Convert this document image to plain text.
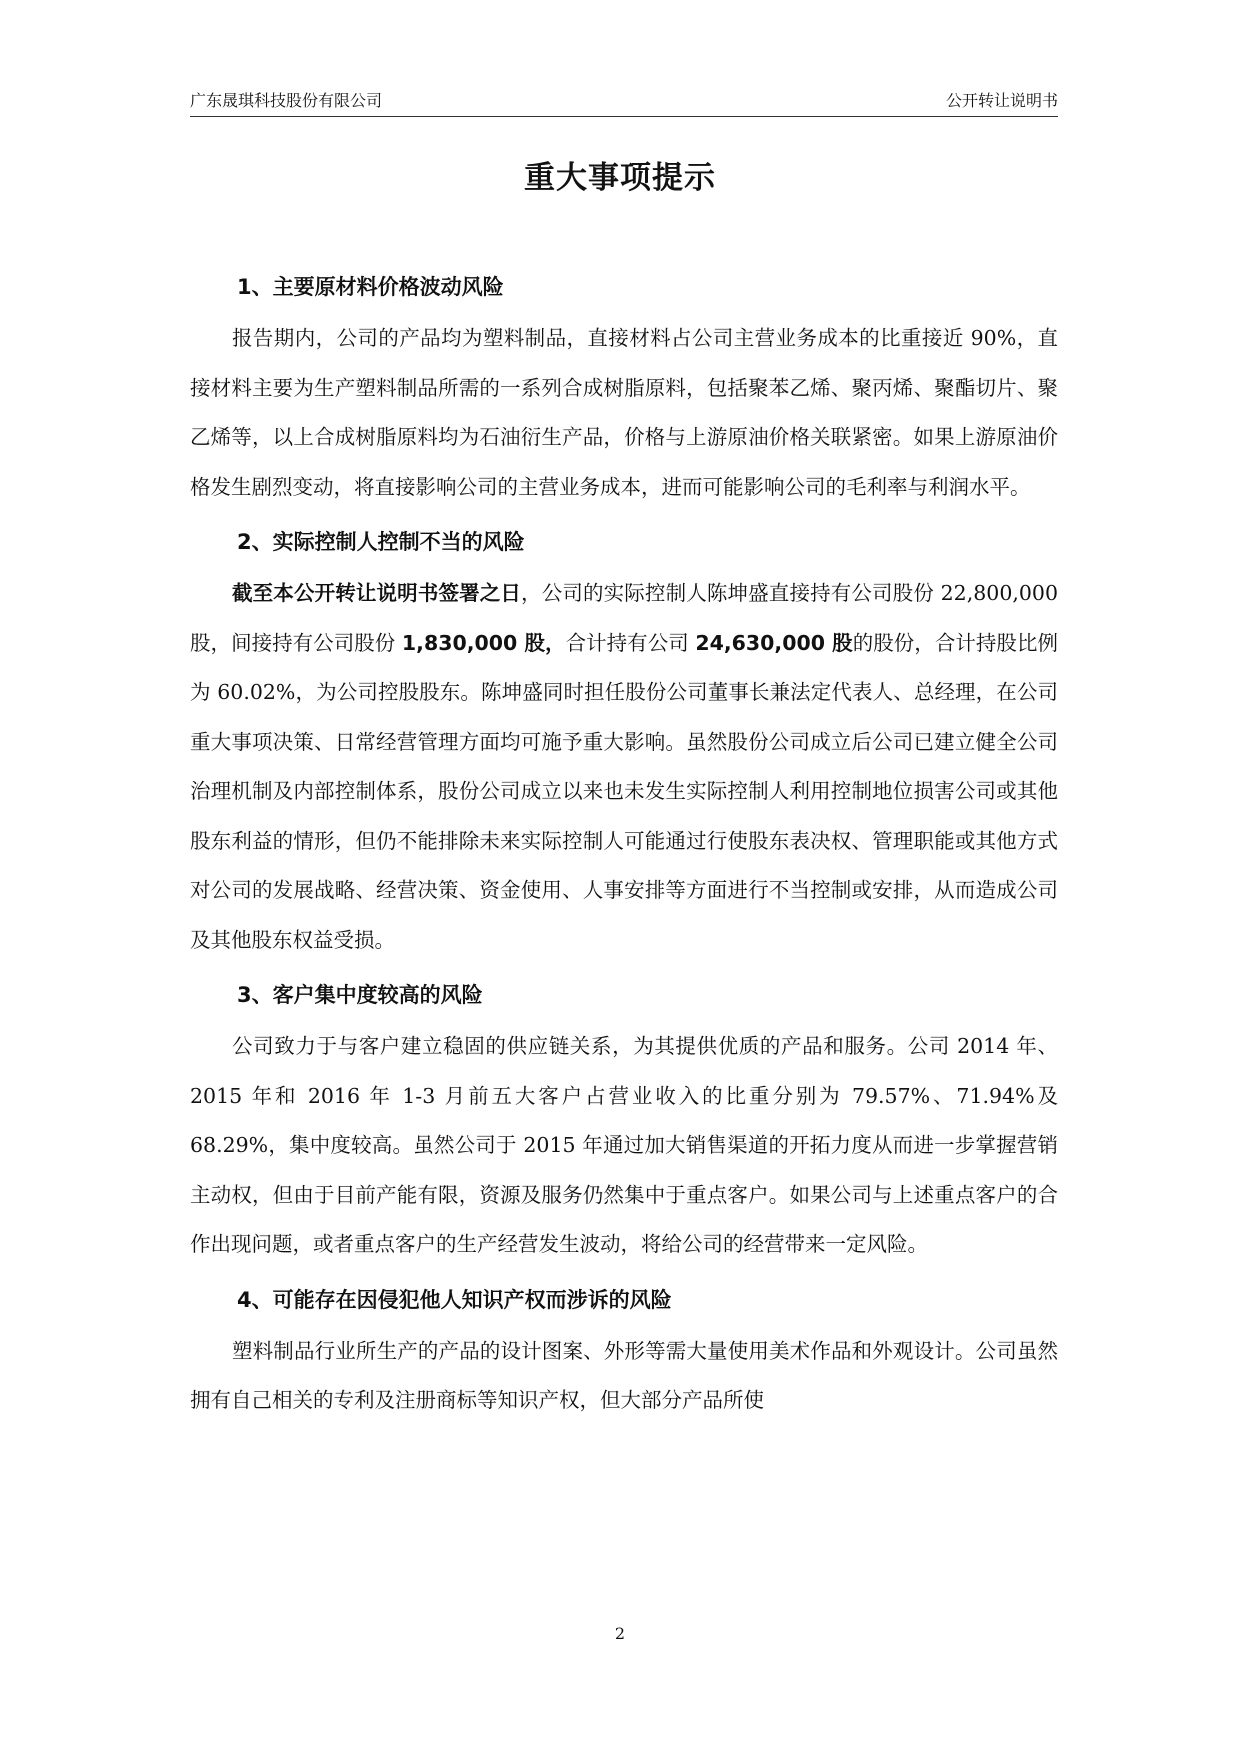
广东晟琪科技股份有限公司	公开转让说明书
重大事项提示
1、主要原材料价格波动风险

报告期内，公司的产品均为塑料制品，直接材料占公司主营业务成本的比重接近 90%，直接材料主要为生产塑料制品所需的一系列合成树脂原料，包括聚苯乙烯、聚丙烯、聚酯切片、聚乙烯等，以上合成树脂原料均为石油衍生产品，价格与上游原油价格关联紧密。如果上游原油价格发生剧烈变动，将直接影响公司的主营业务成本，进而可能影响公司的毛利率与利润水平。

2、实际控制人控制不当的风险

截至本公开转让说明书签署之日，公司的实际控制人陈坤盛直接持有公司股份 22,800,000 股，间接持有公司股份 1,830,000 股，合计持有公司 24,630,000 股的股份，合计持股比例为 60.02%，为公司控股股东。陈坤盛同时担任股份公司董事长兼法定代表人、总经理，在公司重大事项决策、日常经营管理方面均可施予重大影响。虽然股份公司成立后公司已建立健全公司治理机制及内部控制体系，股份公司成立以来也未发生实际控制人利用控制地位损害公司或其他股东利益的情形，但仍不能排除未来实际控制人可能通过行使股东表决权、管理职能或其他方式对公司的发展战略、经营决策、资金使用、人事安排等方面进行不当控制或安排，从而造成公司及其他股东权益受损。

3、客户集中度较高的风险

公司致力于与客户建立稳固的供应链关系，为其提供优质的产品和服务。公司 2014 年、2015 年和 2016 年 1-3 月前五大客户占营业收入的比重分别为 79.57%、71.94%及 68.29%，集中度较高。虽然公司于 2015 年通过加大销售渠道的开拓力度从而进一步掌握营销主动权，但由于目前产能有限，资源及服务仍然集中于重点客户。如果公司与上述重点客户的合作出现问题，或者重点客户的生产经营发生波动，将给公司的经营带来一定风险。

4、可能存在因侵犯他人知识产权而涉诉的风险

塑料制品行业所生产的产品的设计图案、外形等需大量使用美术作品和外观设计。公司虽然拥有自己相关的专利及注册商标等知识产权，但大部分产品所使

2
